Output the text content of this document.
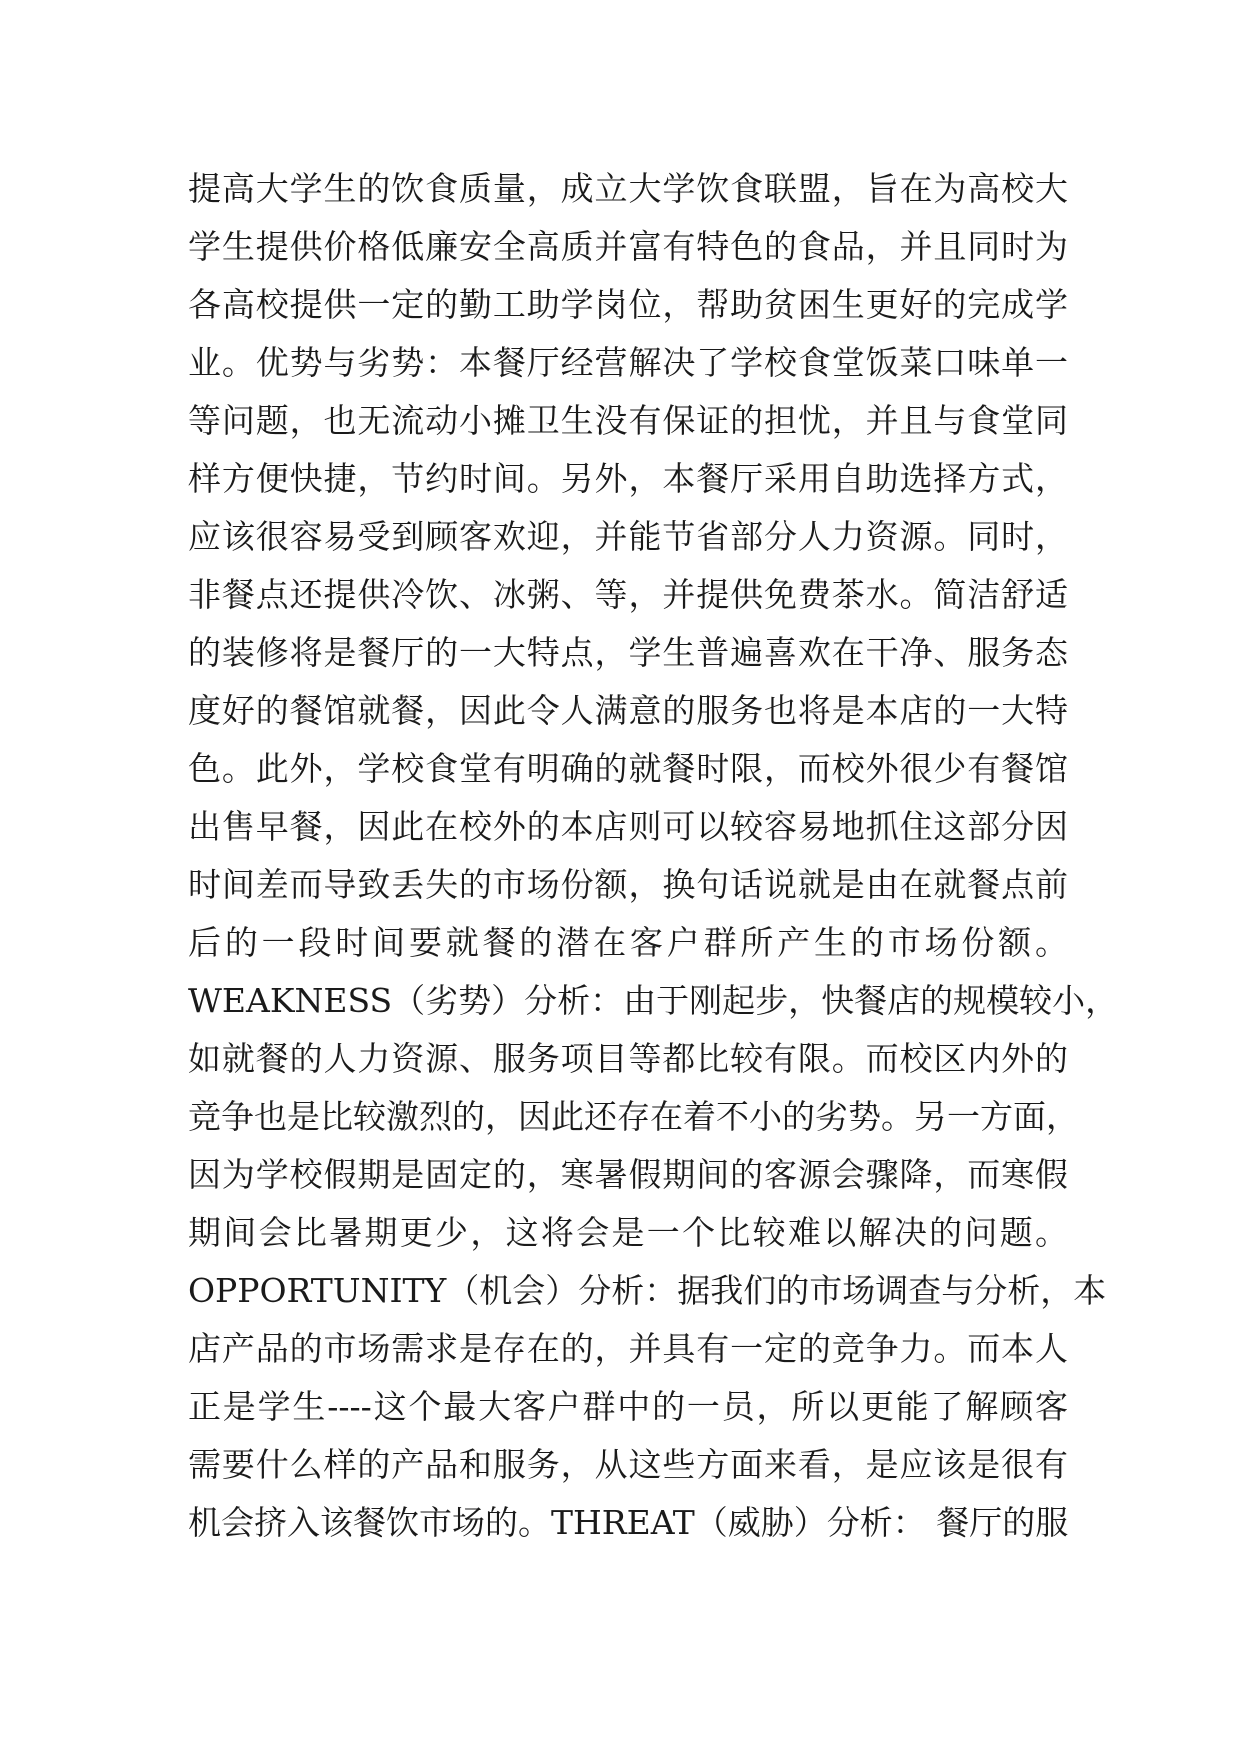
提高大学生的饮食质量，成立大学饮食联盟，旨在为高校大
学生提供价格低廉安全高质并富有特色的食品，并且同时为
各高校提供一定的勤工助学岗位，帮助贫困生更好的完成学
业。优势与劣势：本餐厅经营解决了学校食堂饭菜口味单一
等问题，也无流动小摊卫生没有保证的担忧，并且与食堂同
样方便快捷，节约时间。另外，本餐厅采用自助选择方式，
应该很容易受到顾客欢迎，并能节省部分人力资源。同时，
非餐点还提供冷饮、冰粥、等，并提供免费茶水。简洁舒适
的装修将是餐厅的一大特点，学生普遍喜欢在干净、服务态
度好的餐馆就餐，因此令人满意的服务也将是本店的一大特
色。此外，学校食堂有明确的就餐时限，而校外很少有餐馆
出售早餐，因此在校外的本店则可以较容易地抓住这部分因
时间差而导致丢失的市场份额，换句话说就是由在就餐点前
后的一段时间要就餐的潜在客户群所产生的市场份额。
WEAKNESS（劣势）分析：由于刚起步，快餐店的规模较小，
如就餐的人力资源、服务项目等都比较有限。而校区内外的
竞争也是比较激烈的，因此还存在着不小的劣势。另一方面，
因为学校假期是固定的，寒暑假期间的客源会骤降，而寒假
期间会比暑期更少，这将会是一个比较难以解决的问题。
OPPORTUNITY（机会）分析：据我们的市场调查与分析，本
店产品的市场需求是存在的，并具有一定的竞争力。而本人
正是学生----这个最大客户群中的一员，所以更能了解顾客
需要什么样的产品和服务，从这些方面来看，是应该是很有
机会挤入该餐饮市场的。THREAT（威胁）分析： 餐厅的服
